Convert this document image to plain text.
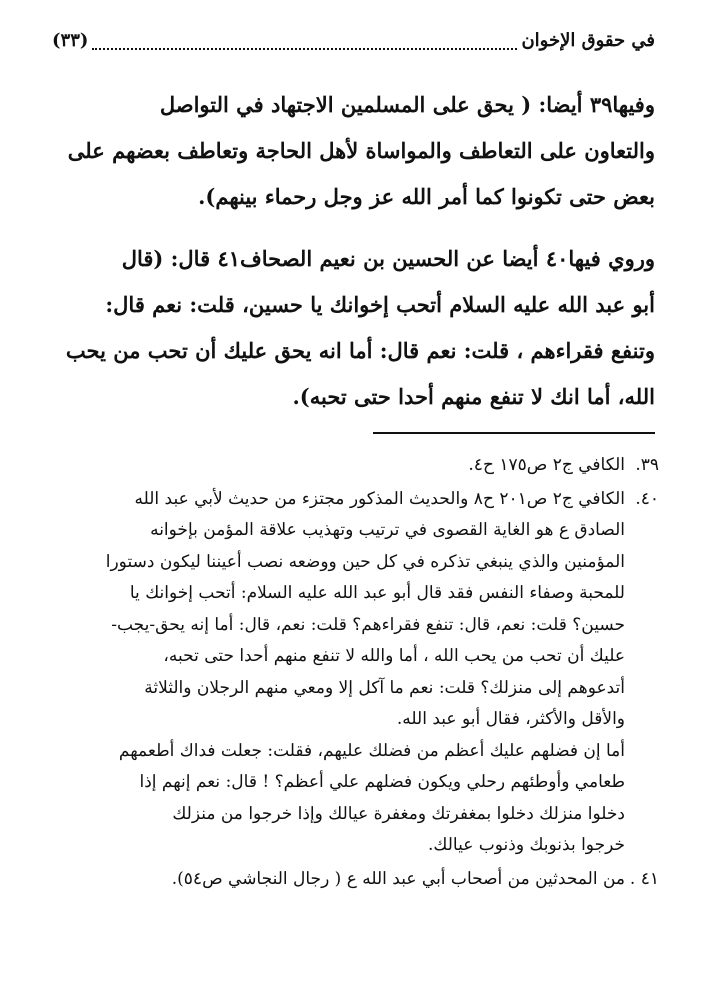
في حقوق الإخوان
(٣٣)

وفيها٣٩ أيضا: ( يحق على المسلمين الاجتهاد في التواصل

والتعاون على التعاطف والمواساة لأهل الحاجة وتعاطف بعضهم على

بعض حتى تكونوا كما أمر الله عز وجل رحماء بينهم).

وروي فيها٤٠ أيضا عن الحسين بن نعيم الصحاف٤١ قال: (قال

أبو عبد الله عليه السلام أتحب إخوانك يا حسين، قلت: نعم قال:

وتنفع فقراءهم ، قلت: نعم قال: أما انه يحق عليك أن تحب من يحب

الله، أما انك لا تنفع منهم أحدا حتى تحبه).

٣٩.
الكافي ج٢ ص١٧٥ ح٤.
٤٠.
الكافي ج٢ ص٢٠١ ح٨ والحديث المذكور مجتزء من حديث لأبي عبد الله
الصادق ع هو الغاية القصوى في ترتيب وتهذيب علاقة المؤمن بإخوانه
المؤمنين والذي ينبغي تذكره في كل حين ووضعه نصب أعيننا ليكون دستورا
للمحبة وصفاء النفس فقد قال أبو عبد الله عليه السلام: أتحب إخوانك يا
حسين؟ قلت: نعم، قال: تنفع فقراءهم؟ قلت: نعم، قال: أما إنه يحق-يجب-
عليك أن تحب من يحب الله ، أما والله لا تنفع منهم أحدا حتى تحبه،
أتدعوهم إلى منزلك؟ قلت: نعم ما آكل إلا ومعي منهم الرجلان والثلاثة
والأقل والأكثر، فقال أبو عبد الله.
أما إن فضلهم عليك أعظم من فضلك عليهم، فقلت: جعلت فداك أطعمهم
طعامي وأوطئهم رحلي ويكون فضلهم علي أعظم؟ ! قال: نعم إنهم إذا
دخلوا منزلك دخلوا بمغفرتك ومغفرة عيالك وإذا خرجوا من منزلك
خرجوا بذنوبك وذنوب عيالك.
٤١ .
من المحدثين من أصحاب أبي عبد الله ع ( رجال النجاشي ص٥٤).
